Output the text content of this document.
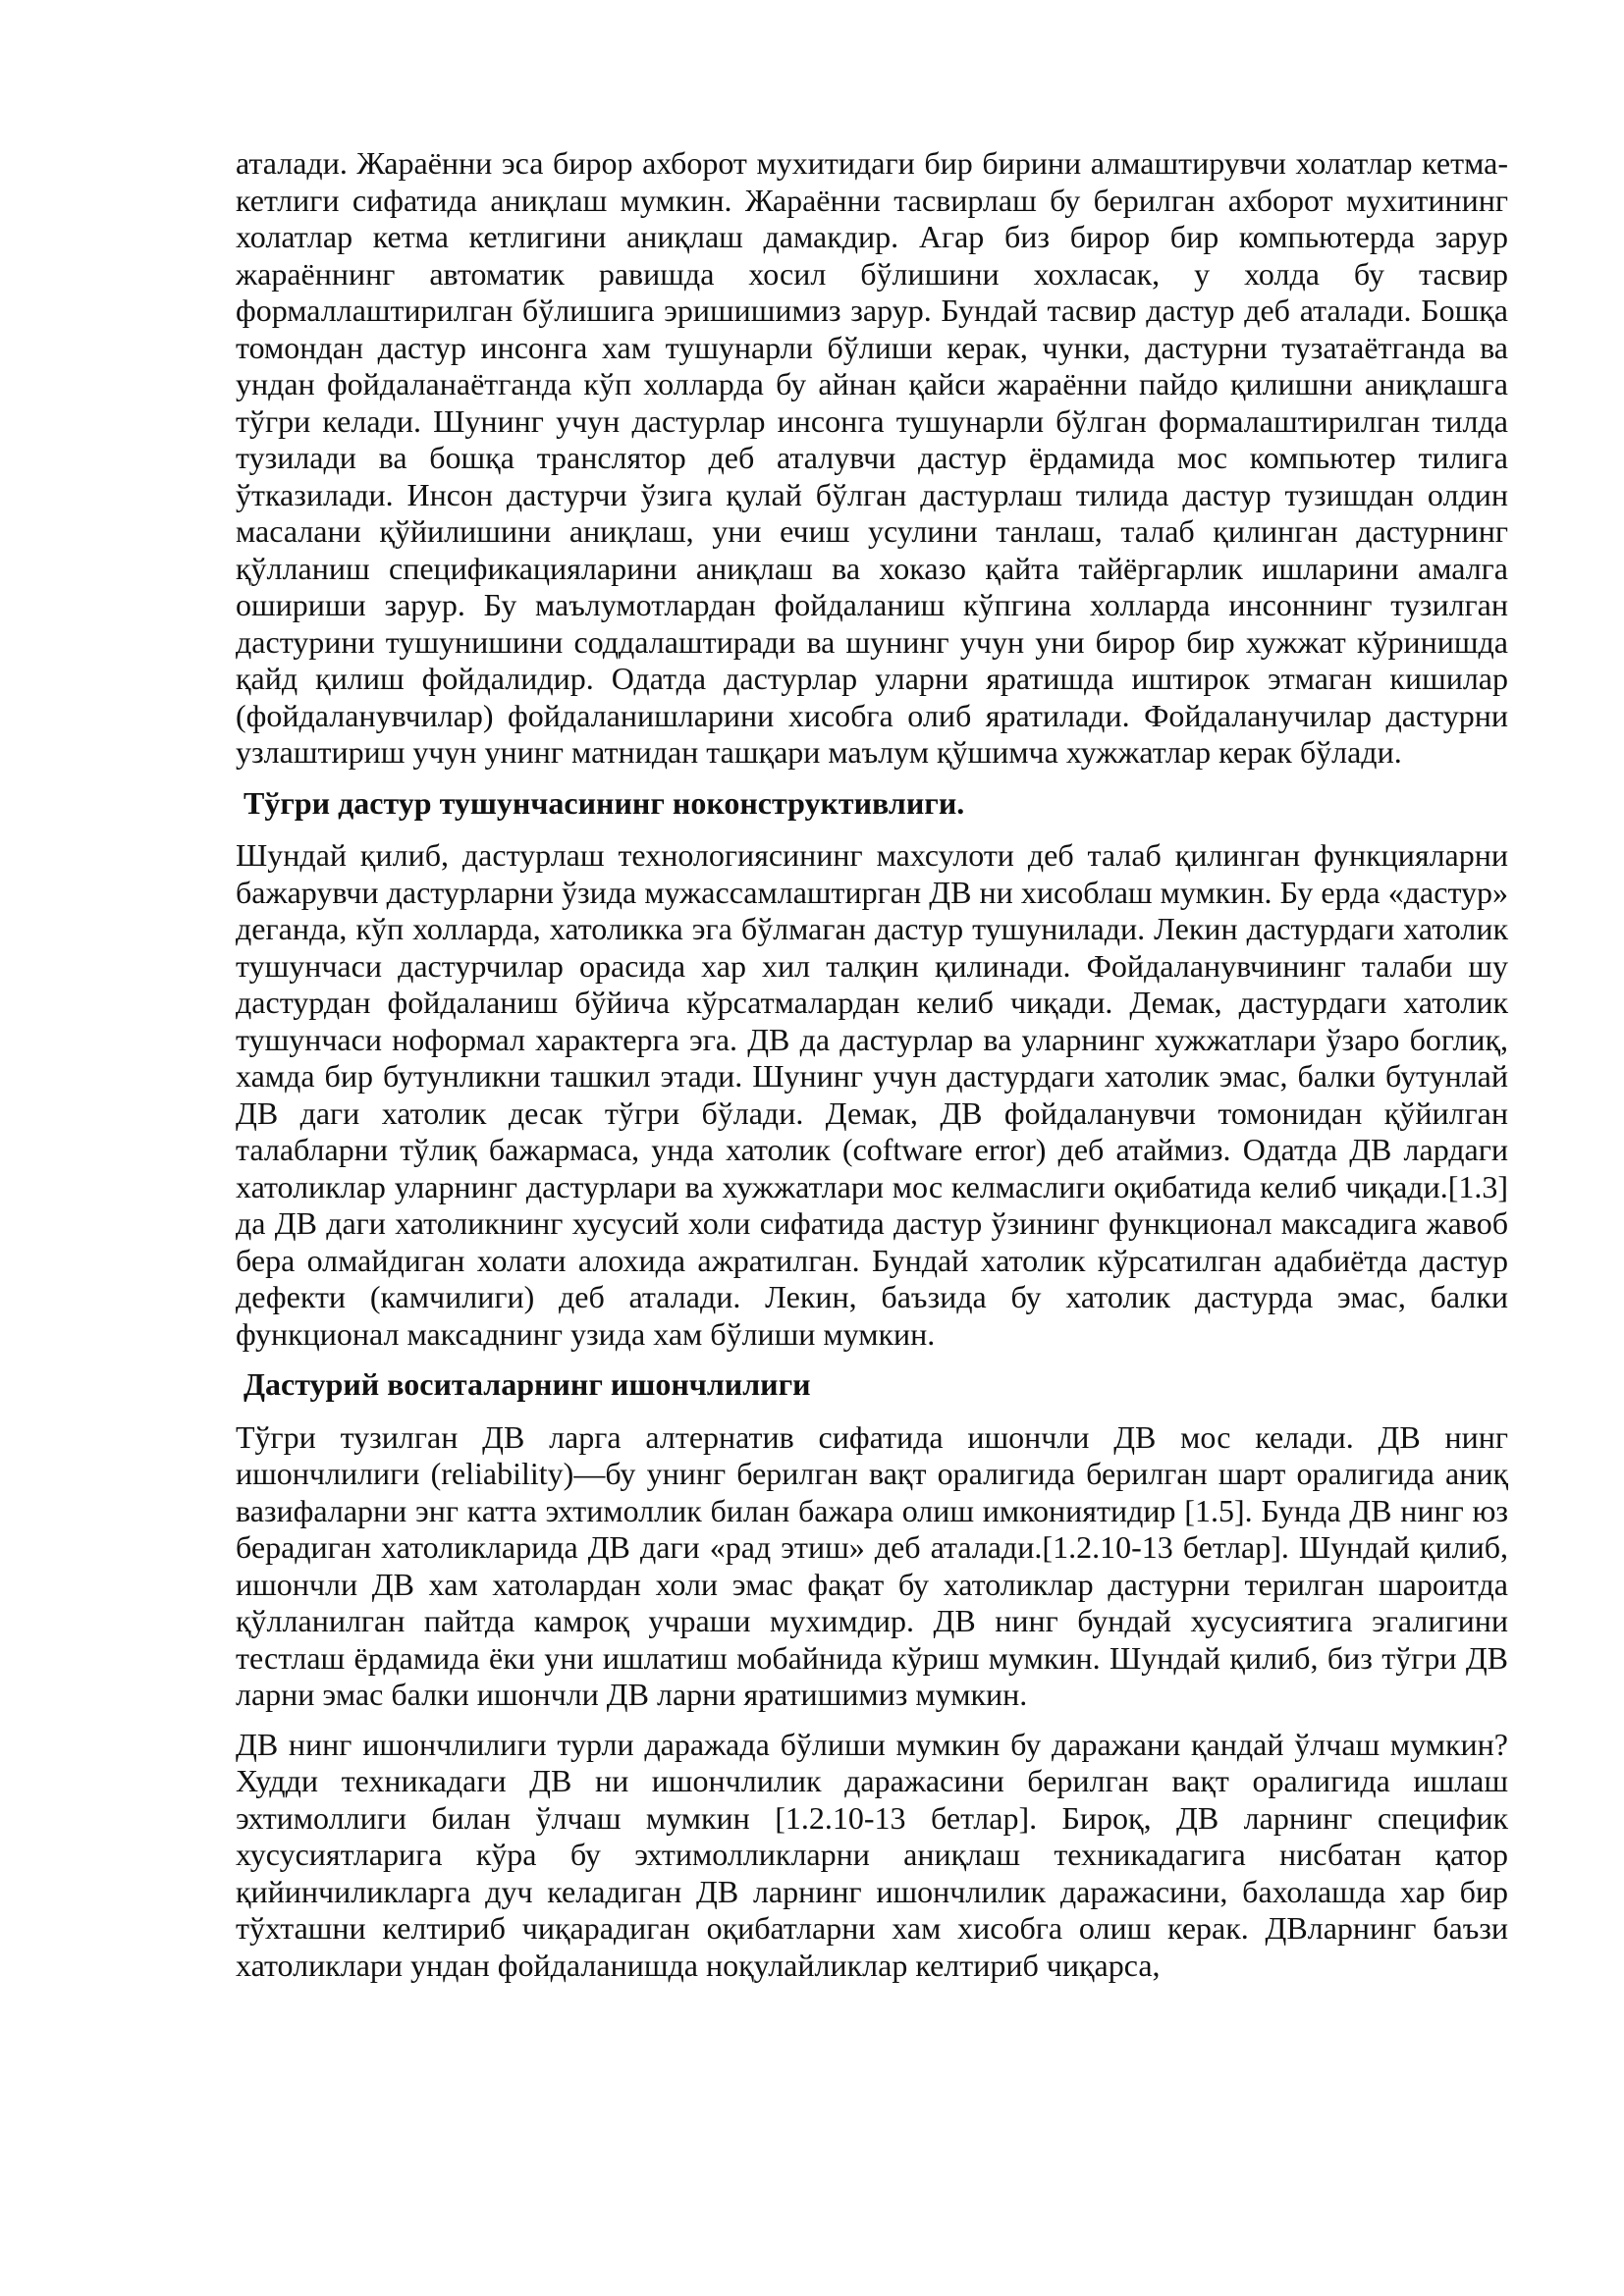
аталади. Жараённи эса бирор ахборот мухитидаги бир бирини алмаштирувчи холатлар кетма-кетлиги сифатида аниқлаш мумкин. Жараённи тасвирлаш бу берилган ахборот мухитининг холатлар кетма кетлигини аниқлаш дамакдир. Агар биз бирор бир компьютерда зарур жараённинг автоматик равишда хосил бўлишини хохласак, у холда бу тасвир формаллаштирилган бўлишига эришишимиз зарур. Бундай тасвир дастур деб аталади. Бошқа томондан дастур инсонга хам тушунарли бўлиши керак, чунки, дастурни тузатаётганда ва ундан фойдаланаётганда кўп холларда бу айнан қайси жараённи пайдо қилишни аниқлашга тўгри келади. Шунинг учун дастурлар инсонга тушунарли бўлган формалаштирилган тилда тузилади ва бошқа транслятор деб аталувчи дастур ёрдамида мос компьютер тилига ўтказилади. Инсон дастурчи ўзига қулай бўлган дастурлаш тилида дастур тузишдан олдин масалани қўйилишини аниқлаш, уни ечиш усулини танлаш, талаб қилинган дастурнинг қўлланиш спецификацияларини аниқлаш ва хоказо қайта тайёргарлик ишларини амалга ошириши зарур. Бу маълумотлардан фойдаланиш кўпгина холларда инсоннинг тузилган дастурини тушунишини соддалаштиради ва шунинг учун уни бирор бир хужжат кўринишда қайд қилиш фойдалидир. Одатда дастурлар уларни яратишда иштирок этмаган кишилар (фойдаланувчилар) фойдаланишларини хисобга олиб яратилади. Фойдаланучилар дастурни узлаштириш учун унинг матнидан ташқари маълум қўшимча хужжатлар керак бўлади.

Тўгри дастур тушунчасининг ноконструктивлиги.

Шундай қилиб, дастурлаш технологиясининг махсулоти деб талаб қилинган функцияларни бажарувчи дастурларни ўзида мужассамлаштирган ДВ ни хисоблаш мумкин. Бу ерда «дастур» деганда, кўп холларда, хатоликка эга бўлмаган дастур тушунилади. Лекин дастурдаги хатолик тушунчаси дастурчилар орасида хар хил талқин қилинади. Фойдаланувчининг талаби шу дастурдан фойдаланиш бўйича кўрсатмалардан келиб чиқади. Демак, дастурдаги хатолик тушунчаси нoформал характерга эга. ДВ да дастурлар ва уларнинг хужжатлари ўзаро боглиқ, хамда бир бутунликни ташкил этади. Шунинг учун дастурдаги хатолик эмас, балки бутунлай ДВ даги хатолик десак тўгри бўлади. Демак, ДВ фойдаланувчи томонидан қўйилган талабларни тўлиқ бажармаса, унда хатолик (coftware error) деб атаймиз. Одатда ДВ лардаги хатоликлар уларнинг дастурлари ва хужжатлари мос келмаслиги оқибатида келиб чиқади.[1.3] да ДВ даги хатоликнинг хусусий холи сифатида дастур ўзининг функционал максадига жавоб бера олмайдиган холати алохида ажратилган. Бундай хатолик кўрсатилган адабиётда дастур дефекти (камчилиги) деб аталади. Лекин, баъзида бу хатолик дастурда эмас, балки функционал максаднинг узида хам бўлиши мумкин.

Дастурий воситаларнинг ишончлилиги

Тўгри тузилган ДВ ларга алтернатив сифатида ишончли ДВ мос келади. ДВ нинг ишончлилиги (reliability)—бу унинг берилган вақт оралигида берилган шарт оралигида аниқ вазифаларни энг катта эхтимоллик билан бажара олиш имкониятидир [1.5]. Бунда ДВ нинг юз берадиган хатоликларида ДВ даги «рад этиш» деб аталади.[1.2.10-13 бетлар]. Шундай қилиб, ишончли ДВ хам хатолардан холи эмас фақат бу хатоликлар дастурни терилган шароитда қўлланилган пайтда камроқ учраши мухимдир. ДВ нинг бундай хусусиятига эгалигини тестлаш ёрдамида ёки уни ишлатиш мобайнида кўриш мумкин. Шундай қилиб, биз тўгри ДВ ларни эмас балки ишончли ДВ ларни яратишимиз мумкин.

ДВ нинг ишончлилиги турли даражада бўлиши мумкин бу даражани қандай ўлчаш мумкин? Худди техникадаги ДВ ни ишончлилик даражасини берилган вақт оралигида ишлаш эхтимоллиги билан ўлчаш мумкин [1.2.10-13 бетлар]. Бироқ, ДВ ларнинг специфик хусусиятларига кўра бу эхтимолликларни аниқлаш техникадагига нисбатан қатор қийинчиликларга дуч келадиган ДВ ларнинг ишончлилик даражасини, бахолашда хар бир тўхташни келтириб чиқарадиган оқибатларни хам хисобга олиш керак. ДВларнинг баъзи хатоликлари ундан фойдаланишда ноқулайликлар келтириб чиқарса,
